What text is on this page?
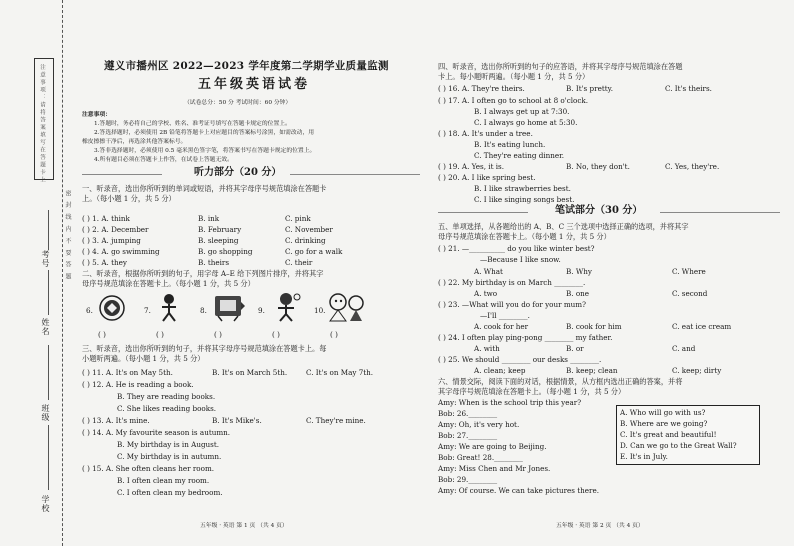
注意事项：请将答案填写在答题卡上
密 封 线 内 不 要 答 题
考号
姓名
班级
学校
遵义市播州区 2022—2023 学年度第二学期学业质量监测
五年级英语试卷
（试卷总分：50 分 考试时间：60 分钟）
注意事项：
1.答题时，务必将自己的学校、姓名、准考证号填写在答题卡规定的位置上。
2.答选择题时，必须使用 2B 铅笔将答题卡上对应题目的答案标号涂黑，如需改动，用
橡皮擦擦干净后，再选涂其他答案标号。
3.答非选择题时，必须使用 0.5 毫米黑色签字笔，将答案书写在答题卡规定的位置上。
4.所有题目必须在答题卡上作答，在试卷上答题无效。
听力部分（20 分）
一、听录音，选出你所听到的单词或短语，并将其字母序号规范填涂在答题卡
上。（每小题 1 分，共 5 分）
( ) 1. A. think	B. ink	C. pink
( ) 2. A. December	B. February	C. November
( ) 3. A. jumping	B. sleeping	C. drinking
( ) 4. A. go swimming	B. go shopping	C. go for a walk
( ) 5. A. they	B. theirs	C. their
二、听录音，根据你所听到的句子，用字母 A–E 给下列图片排序，并将其字
母序号规范填涂在答题卡上。（每小题 1 分，共 5 分）
6.	7.	8.	9.	10.
( )	( )	( )	( )	( )
三、听录音，选出你所听到的句子，并将其字母序号规范填涂在答题卡上。每
小题听两遍。（每小题 1 分，共 5 分）
( ) 11. A. It's on May 5th.	B. It's on March 5th.	C. It's on May 7th.
( ) 12. A. He is reading a book.
B. They are reading books.
C. She likes reading books.
( ) 13. A. It's mine.	B. It's Mike's.	C. They're mine.
( ) 14. A. My favourite season is autumn.
B. My birthday is in August.
C. My birthday is in autumn.
( ) 15. A. She often cleans her room.
B. I often clean my room.
C. I often clean my bedroom.
五年级 · 英语 第 1 页 （共 4 页）
四、听录音，选出你所听到的句子的应答语，并将其字母序号规范填涂在答题
卡上。每小题听两遍。（每小题 1 分，共 5 分）
( ) 16. A. They're theirs.	B. It's pretty.	C. It's theirs.
( ) 17. A. I often go to school at 8 o'clock.
B. I always get up at 7:30.
C. I always go home at 5:30.
( ) 18. A. It's under a tree.
B. It's eating lunch.
C. They're eating dinner.
( ) 19. A. Yes, it is.	B. No, they don't.	C. Yes, they're.
( ) 20. A. I like spring best.
B. I like strawberries best.
C. I like singing songs best.
笔试部分（30 分）
五、单项选择，从各题给出的 A、B、C 三个选项中选择正确的选项，并将其字
母序号规范填涂在答题卡上。（每小题 1 分，共 5 分）
( ) 21. —__________ do you like winter best?
—Because I like snow.
A. What	B. Why	C. Where
( ) 22. My birthday is on March ________.
A. two	B. one	C. second
( ) 23. —What will you do for your mum?
—I'll ________.
A. cook for her	B. cook for him	C. eat ice cream
( ) 24. I often play ping-pong ________ my father.
A. with	B. or	C. and
( ) 25. We should ________ our desks ________.
A. clean; keep	B. keep; clean	C. keep; dirty
六、情景交际，阅读下面的对话，根据情景，从方框内选出正确的答案，并将
其字母序号规范填涂在答题卡上。（每小题 1 分，共 5 分）
Amy: When is the school trip this year?
Bob: 26.________
Amy: Oh, it's very hot.
Bob: 27.________
Amy: We are going to Beijing.
Bob: Great! 28.________
Amy: Miss Chen and Mr Jones.
Bob: 29.________
Amy: Of course. We can take pictures there.
A. Who will go with us?
B. Where are we going?
C. It's great and beautiful!
D. Can we go to the Great Wall?
E. It's in July.
五年级 · 英语 第 2 页 （共 4 页）
